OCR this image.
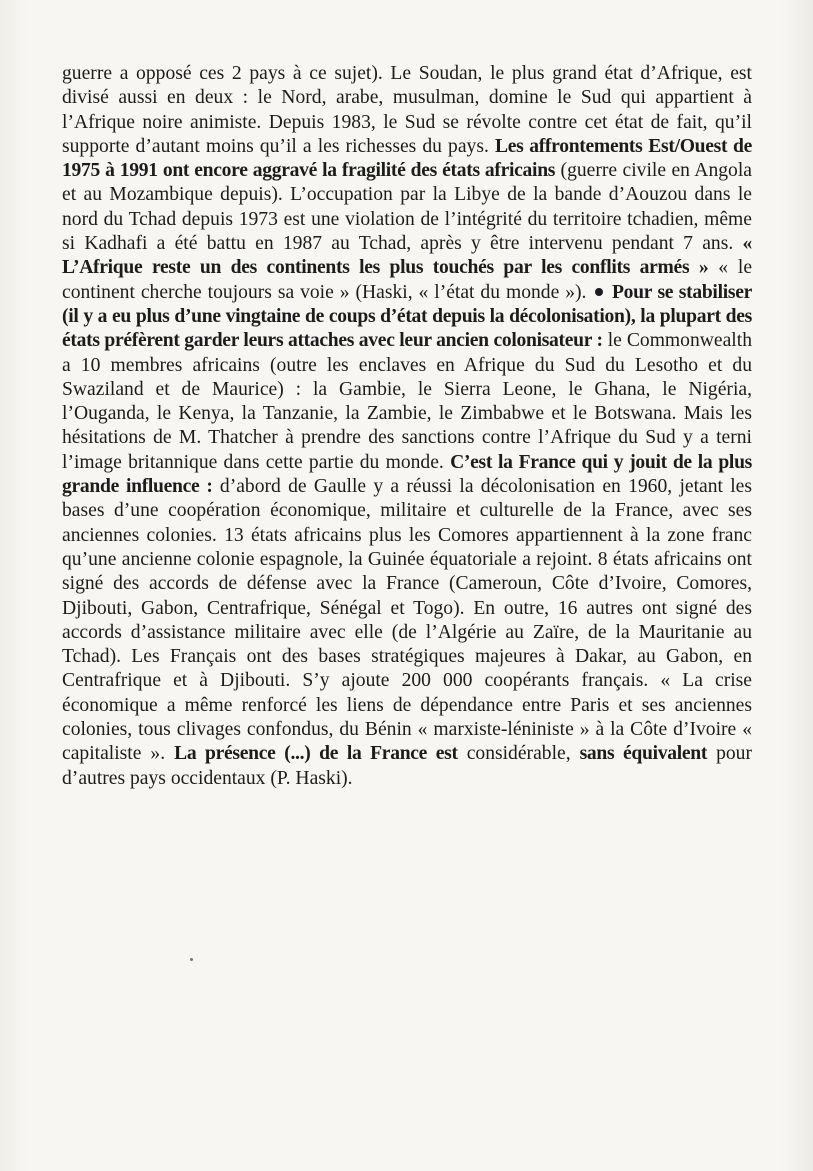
guerre a opposé ces 2 pays à ce sujet). Le Soudan, le plus grand état d’Afrique, est divisé aussi en deux : le Nord, arabe, musulman, domine le Sud qui appartient à l’Afrique noire animiste. Depuis 1983, le Sud se révolte contre cet état de fait, qu’il supporte d’autant moins qu’il a les richesses du pays. Les affrontements Est/Ouest de 1975 à 1991 ont encore aggravé la fragilité des états africains (guerre civile en Angola et au Mozambique depuis). L’occupation par la Libye de la bande d’Aouzou dans le nord du Tchad depuis 1973 est une violation de l’intégrité du territoire tchadien, même si Kadhafi a été battu en 1987 au Tchad, après y être intervenu pendant 7 ans. « L’Afrique reste un des continents les plus touchés par les conflits armés » « le continent cherche toujours sa voie » (Haski, « l’état du monde »).  Pour se stabiliser (il y a eu plus d’une vingtaine de coups d’état depuis la décolonisation), la plupart des états préfèrent garder leurs attaches avec leur ancien colonisateur : le Commonwealth a 10 membres africains (outre les enclaves en Afrique du Sud du Lesotho et du Swaziland et de Maurice) : la Gambie, le Sierra Leone, le Ghana, le Nigéria, l’Ouganda, le Kenya, la Tanzanie, la Zambie, le Zimbabwe et le Botswana. Mais les hésitations de M. Thatcher à prendre des sanctions contre l’Afrique du Sud y a terni l’image britannique dans cette partie du monde. C’est la France qui y jouit de la plus grande influence : d’abord de Gaulle y a réussi la décolonisation en 1960, jetant les bases d’une coopération économique, militaire et culturelle de la France, avec ses anciennes colonies. 13 états africains plus les Comores appartiennent à la zone franc qu’une ancienne colonie espagnole, la Guinée équatoriale a rejoint. 8 états africains ont signé des accords de défense avec la France (Cameroun, Côte d’Ivoire, Comores, Djibouti, Gabon, Centrafrique, Sénégal et Togo). En outre, 16 autres ont signé des accords d’assistance militaire avec elle (de l’Algérie au Zaïre, de la Mauritanie au Tchad). Les Français ont des bases stratégiques majeures à Dakar, au Gabon, en Centrafrique et à Djibouti. S’y ajoute 200 000 coopérants français. « La crise économique a même renforcé les liens de dépendance entre Paris et ses anciennes colonies, tous clivages confondus, du Bénin « marxiste-léniniste » à la Côte d’Ivoire « capitaliste ». La présence (...) de la France est considérable, sans équivalent pour d’autres pays occidentaux (P. Haski).
